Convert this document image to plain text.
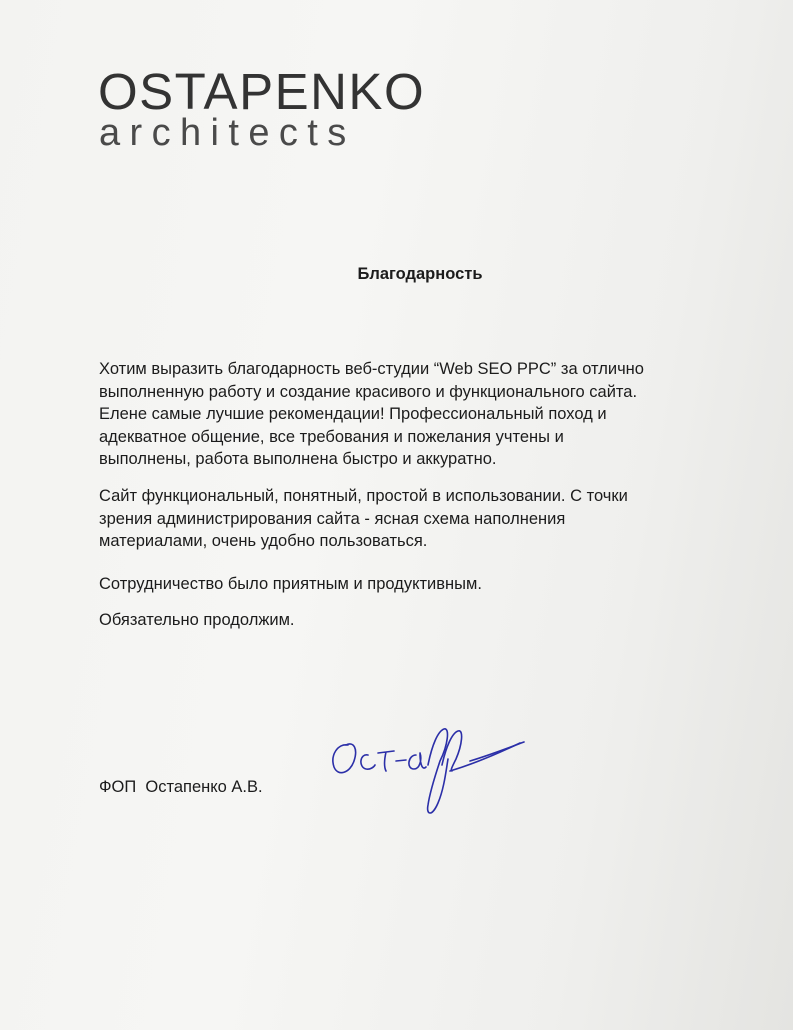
OSTAPENKO
architects
Благодарность
Хотим выразить благодарность веб-студии “Web SEO PPC” за отлично
выполненную работу и создание красивого и функционального сайта.
Елене самые лучшие рекомендации! Профессиональный поход и
адекватное общение, все требования и пожелания учтены и
выполнены, работа выполнена быстро и аккуратно.
Сайт функциональный, понятный, простой в использовании. С точки
зрения администрирования сайта - ясная схема наполнения
материалами, очень удобно пользоваться.
Сотрудничество было приятным и продуктивным.
Обязательно продолжим.
ФОП  Остапенко А.В.
